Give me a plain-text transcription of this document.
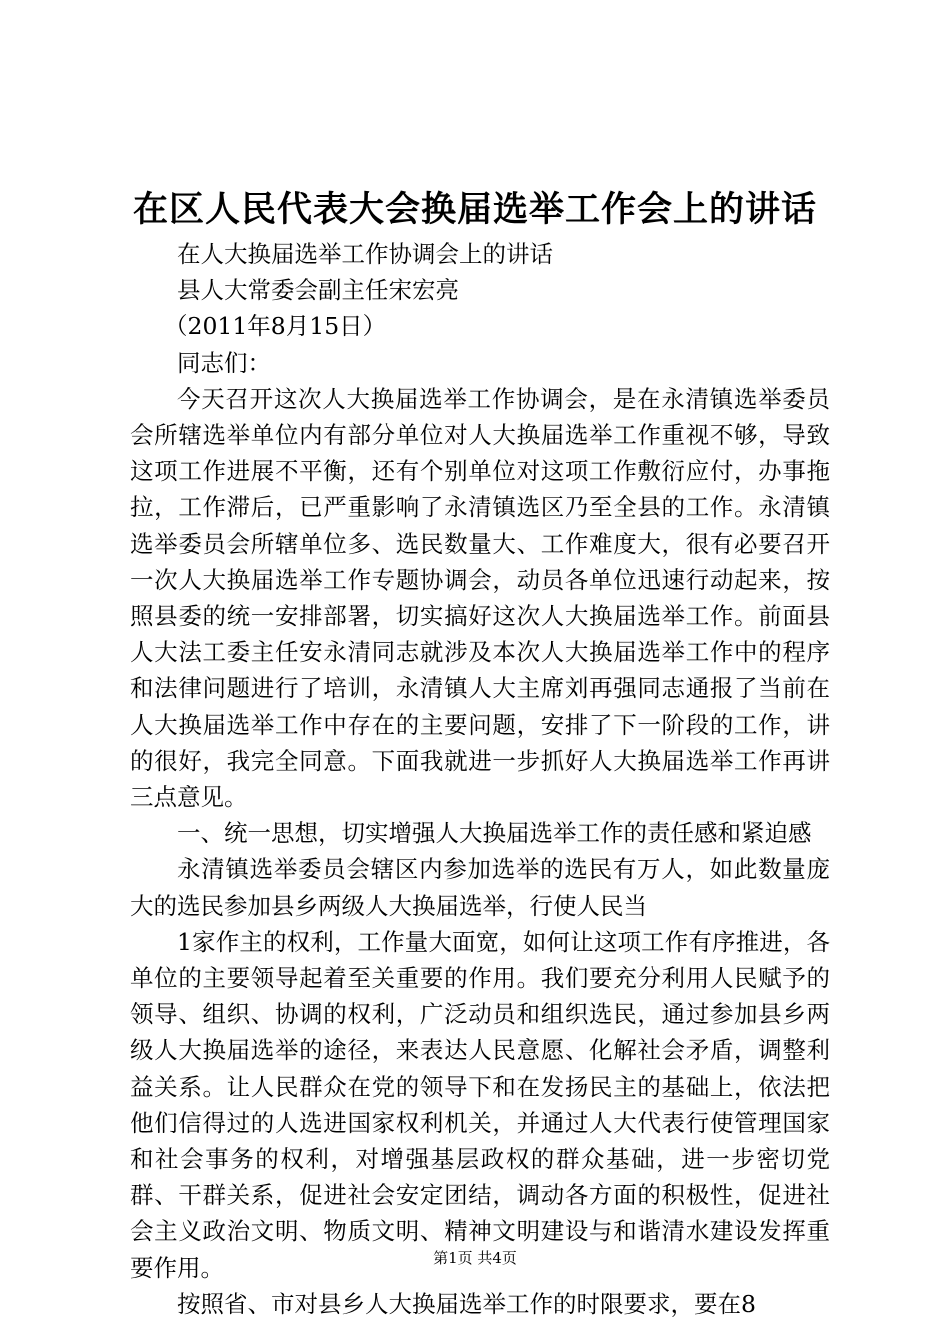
在区人民代表大会换届选举工作会上的讲话

在人大换届选举工作协调会上的讲话

县人大常委会副主任宋宏亮

（2011年8月15日）

同志们：

今天召开这次人大换届选举工作协调会，是在永清镇选举委员会所辖选举单位内有部分单位对人大换届选举工作重视不够，导致这项工作进展不平衡，还有个别单位对这项工作敷衍应付，办事拖拉，工作滞后，已严重影响了永清镇选区乃至全县的工作。永清镇选举委员会所辖单位多、选民数量大、工作难度大，很有必要召开一次人大换届选举工作专题协调会，动员各单位迅速行动起来，按照县委的统一安排部署，切实搞好这次人大换届选举工作。前面县人大法工委主任安永清同志就涉及本次人大换届选举工作中的程序和法律问题进行了培训，永清镇人大主席刘再强同志通报了当前在人大换届选举工作中存在的主要问题，安排了下一阶段的工作，讲的很好，我完全同意。下面我就进一步抓好人大换届选举工作再讲三点意见。

一、统一思想，切实增强人大换届选举工作的责任感和紧迫感

永清镇选举委员会辖区内参加选举的选民有万人，如此数量庞大的选民参加县乡两级人大换届选举，行使人民当

1家作主的权利，工作量大面宽，如何让这项工作有序推进，各单位的主要领导起着至关重要的作用。我们要充分利用人民赋予的领导、组织、协调的权利，广泛动员和组织选民，通过参加县乡两级人大换届选举的途径，来表达人民意愿、化解社会矛盾，调整利益关系。让人民群众在党的领导下和在发扬民主的基础上，依法把他们信得过的人选进国家权利机关，并通过人大代表行使管理国家和社会事务的权利，对增强基层政权的群众基础，进一步密切党群、干群关系，促进社会安定团结，调动各方面的积极性，促进社会主义政治文明、物质文明、精神文明建设与和谐清水建设发挥重要作用。

按照省、市对县乡人大换届选举工作的时限要求，要在8

第1页 共4页
